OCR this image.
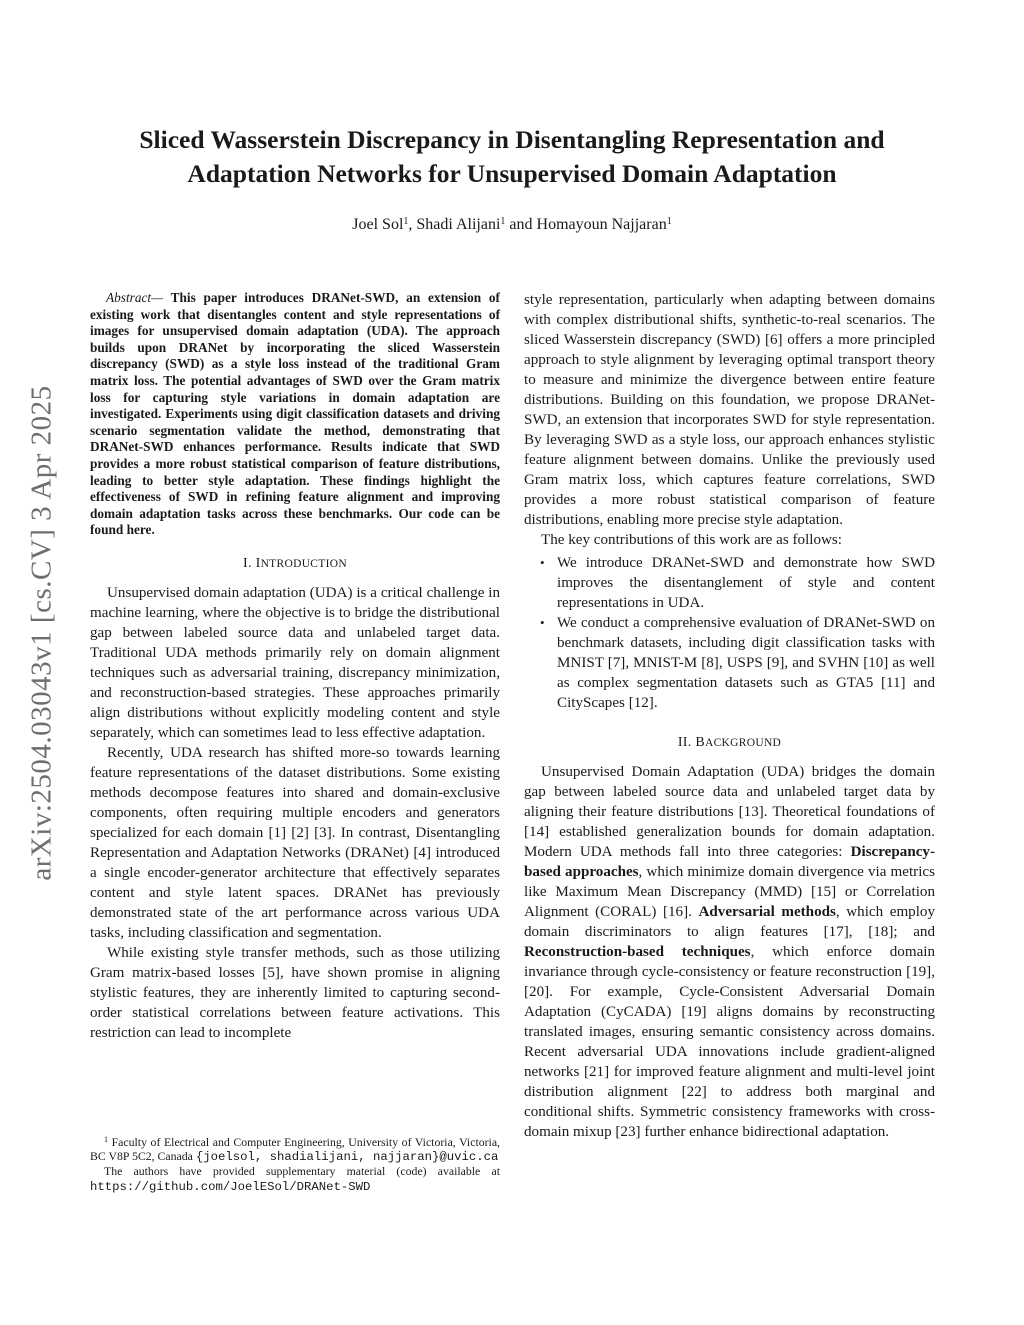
Sliced Wasserstein Discrepancy in Disentangling Representation and
Adaptation Networks for Unsupervised Domain Adaptation
Joel Sol$^1$, Shadi Alijani$^1$ and Homayoun Najjaran$^1$
arXiv:2504.03043v1 [cs.CV] 3 Apr 2025

Abstract— This paper introduces DRANet-SWD, an extension of existing work that disentangles content and style representations of images for unsupervised domain adaptation (UDA). The approach builds upon DRANet by incorporating the sliced Wasserstein discrepancy (SWD) as a style loss instead of the traditional Gram matrix loss. The potential advantages of SWD over the Gram matrix loss for capturing style variations in domain adaptation are investigated. Experiments using digit classification datasets and driving scenario segmentation validate the method, demonstrating that DRANet-SWD enhances performance. Results indicate that SWD provides a more robust statistical comparison of feature distributions, leading to better style adaptation. These findings highlight the effectiveness of SWD in refining feature alignment and improving domain adaptation tasks across these benchmarks. Our code can be found here.

I. INTRODUCTION

Unsupervised domain adaptation (UDA) is a critical challenge in machine learning, where the objective is to bridge the distributional gap between labeled source data and unlabeled target data. Traditional UDA methods primarily rely on domain alignment techniques such as adversarial training, discrepancy minimization, and reconstruction-based strategies. These approaches primarily align distributions without explicitly modeling content and style separately, which can sometimes lead to less effective adaptation.

Recently, UDA research has shifted more-so towards learning feature representations of the dataset distributions. Some existing methods decompose features into shared and domain-exclusive components, often requiring multiple encoders and generators specialized for each domain [1] [2] [3]. In contrast, Disentangling Representation and Adaptation Networks (DRANet) [4] introduced a single encoder-generator architecture that effectively separates content and style latent spaces. DRANet has previously demonstrated state of the art performance across various UDA tasks, including classification and segmentation.

While existing style transfer methods, such as those utilizing Gram matrix-based losses [5], have shown promise in aligning stylistic features, they are inherently limited to capturing second-order statistical correlations between feature activations. This restriction can lead to incomplete

$^1$ Faculty of Electrical and Computer Engineering, University of Victoria, Victoria, BC V8P 5C2, Canada {joelsol, shadialijani, najjaran}@uvic.ca

The authors have provided supplementary material (code) available at https://github.com/JoelESol/DRANet-SWD

style representation, particularly when adapting between domains with complex distributional shifts, synthetic-to-real scenarios. The sliced Wasserstein discrepancy (SWD) [6] offers a more principled approach to style alignment by leveraging optimal transport theory to measure and minimize the divergence between entire feature distributions. Building on this foundation, we propose DRANet-SWD, an extension that incorporates SWD for style representation. By leveraging SWD as a style loss, our approach enhances stylistic feature alignment between domains. Unlike the previously used Gram matrix loss, which captures feature correlations, SWD provides a more robust statistical comparison of feature distributions, enabling more precise style adaptation.

The key contributions of this work are as follows:

• We introduce DRANet-SWD and demonstrate how SWD improves the disentanglement of style and content representations in UDA.
• We conduct a comprehensive evaluation of DRANet-SWD on benchmark datasets, including digit classification tasks with MNIST [7], MNIST-M [8], USPS [9], and SVHN [10] as well as complex segmentation datasets such as GTA5 [11] and CityScapes [12].
II. BACKGROUND

Unsupervised Domain Adaptation (UDA) bridges the domain gap between labeled source data and unlabeled target data by aligning their feature distributions [13]. Theoretical foundations of [14] established generalization bounds for domain adaptation. Modern UDA methods fall into three categories: Discrepancy-based approaches, which minimize domain divergence via metrics like Maximum Mean Discrepancy (MMD) [15] or Correlation Alignment (CORAL) [16]. Adversarial methods, which employ domain discriminators to align features [17], [18]; and Reconstruction-based techniques, which enforce domain invariance through cycle-consistency or feature reconstruction [19], [20]. For example, Cycle-Consistent Adversarial Domain Adaptation (CyCADA) [19] aligns domains by reconstructing translated images, ensuring semantic consistency across domains. Recent adversarial UDA innovations include gradient-aligned networks [21] for improved feature alignment and multi-level joint distribution alignment [22] to address both marginal and conditional shifts. Symmetric consistency frameworks with cross-domain mixup [23] further enhance bidirectional adaptation.
